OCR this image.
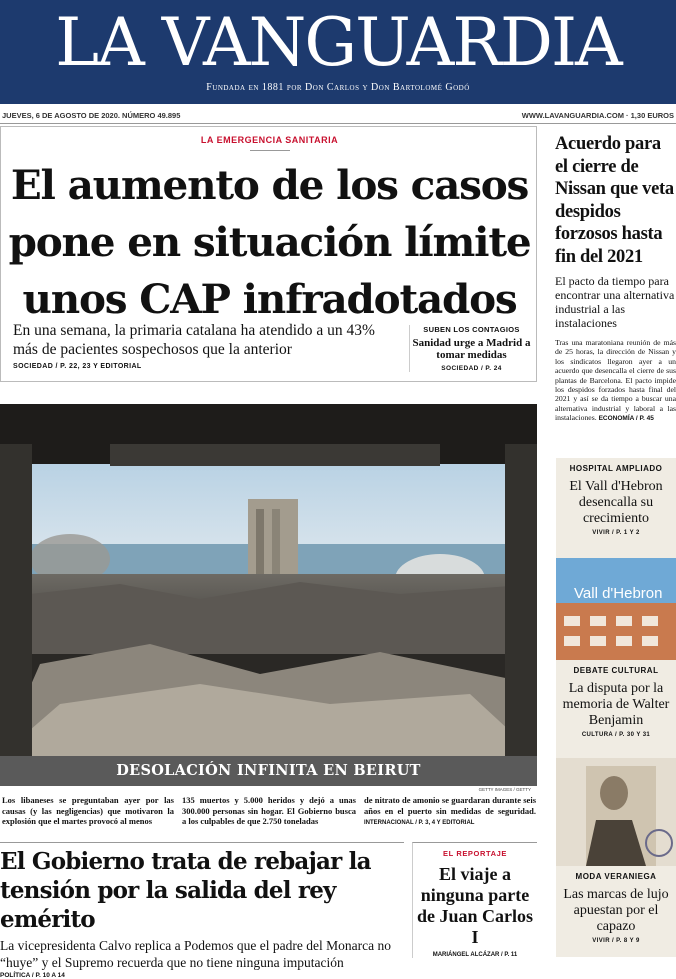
LA VANGUARDIA
Fundada en 1881 por Don Carlos y Don Bartolomé Godó
JUEVES, 6 DE AGOSTO DE 2020. NÚMERO 49.895	WWW.LAVANGUARDIA.COM · 1,30 EUROS
LA EMERGENCIA SANITARIA
El aumento de los casos pone en situación límite unos CAP infradotados

En una semana, la primaria catalana ha atendido a un 43% más de pacientes sospechosos que la anterior

SOCIEDAD / P. 22, 23 Y EDITORIAL
SUBEN LOS CONTAGIOS
Sanidad urge a Madrid a tomar medidas
SOCIEDAD / P. 24
DESOLACIÓN INFINITA EN BEIRUT
GETTY IMAGES / GETTY

Los libaneses se preguntaban ayer por las causas (y las negligencias) que motivaron la explosión que el martes provocó al menos

135 muertos y 5.000 heridos y dejó a unas 300.000 personas sin hogar. El Gobierno busca a los culpables de que 2.750 toneladas

de nitrato de amonio se guardaran durante seis años en el puerto sin medidas de seguridad. INTERNACIONAL / P. 3, 4 Y EDITORIAL

El Gobierno trata de rebajar la tensión por la salida del rey emérito

La vicepresidenta Calvo replica a Podemos que el padre del Monarca no “huye” y el Supremo recuerda que no tiene ninguna imputación

POLÍTICA / P. 10 A 14
EL REPORTAJE
El viaje a ninguna parte de Juan Carlos I
MARIÁNGEL ALCÁZAR / P. 11
Acuerdo para el cierre de Nissan que veta despidos forzosos hasta fin del 2021

El pacto da tiempo para encontrar una alternativa industrial a las instalaciones

Tras una maratoniana reunión de más de 25 horas, la dirección de Nissan y los sindicatos llegaron ayer a un acuerdo que desencalla el cierre de sus plantas de Barcelona. El pacto impide los despidos forzados hasta final del 2021 y así se da tiempo a buscar una alternativa industrial y laboral a las instalaciones. ECONOMÍA / P. 45

HOSPITAL AMPLIADO
El Vall d'Hebron desencalla su crecimiento
VIVIR / P. 1 Y 2
Vall d'Hebron
DEBATE CULTURAL
La disputa por la memoria de Walter Benjamin
CULTURA / P. 30 Y 31
MODA VERANIEGA
Las marcas de lujo apuestan por el capazo
VIVIR / P. 8 Y 9
